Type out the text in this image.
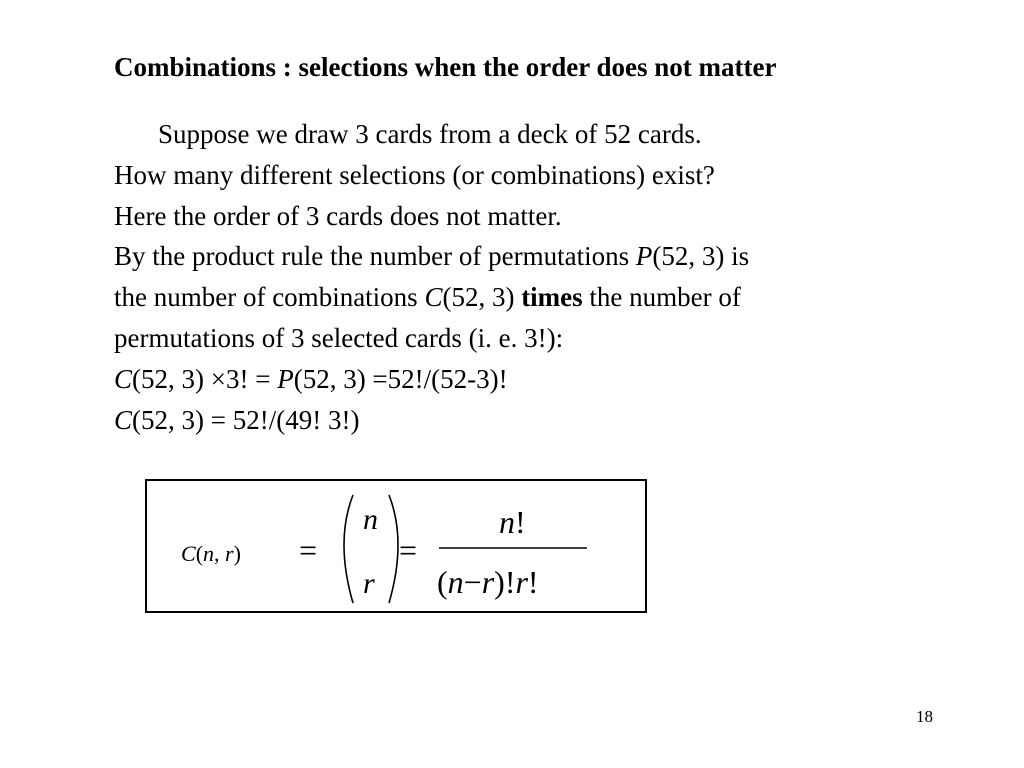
Combinations : selections when the order does not matter
Suppose we draw 3 cards from a deck of 52 cards.
How many different selections (or combinations) exist?
Here the order of 3 cards does not matter.
By the product rule the number of permutations P(52, 3) is
the number of combinations C(52, 3) times the number of
permutations of 3 selected cards (i. e. 3!):
C(52, 3) ×3! = P(52, 3) =52!/(52-3)!
C(52, 3) = 52!/(49! 3!)
C(n, r) =
n
r
=
n!
(n−r)!r!
18
